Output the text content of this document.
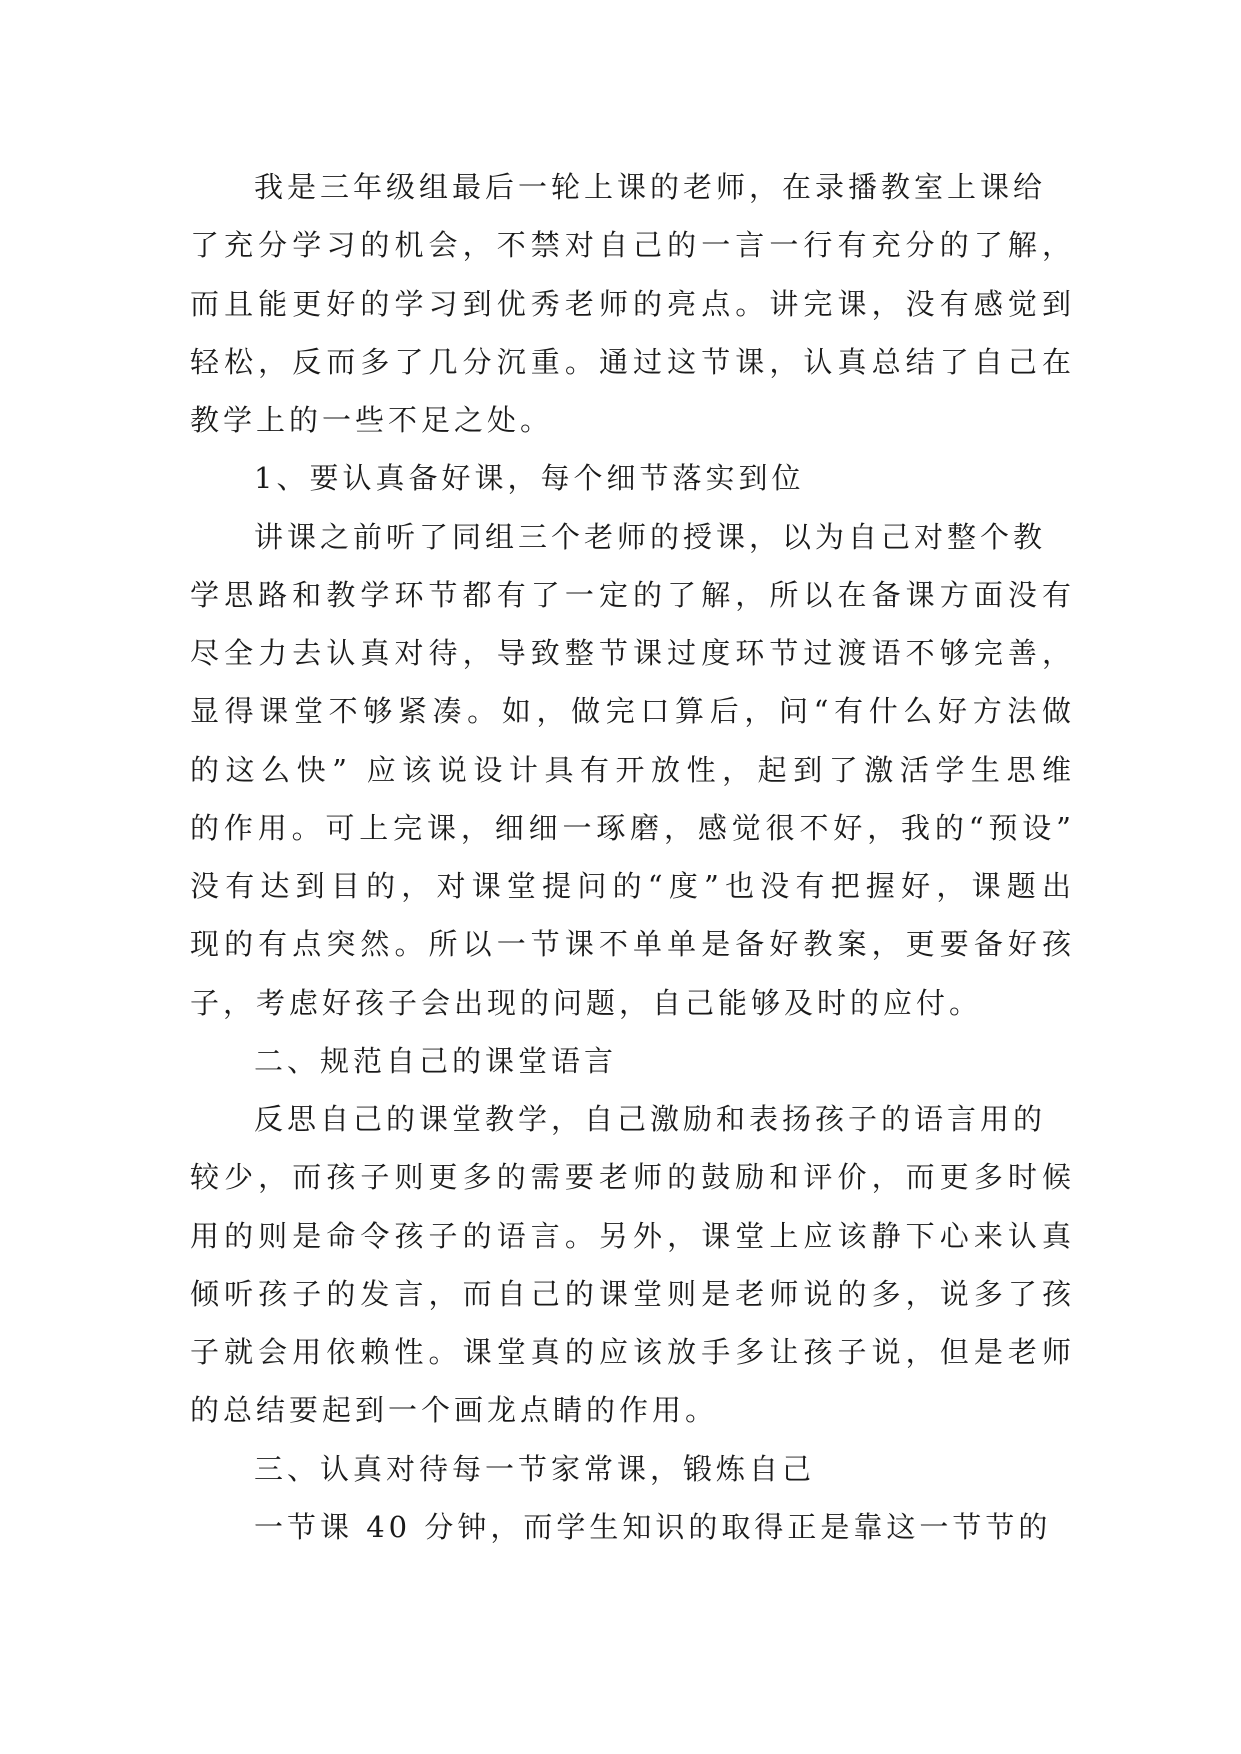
我是三年级组最后一轮上课的老师，在录播教室上课给
了充分学习的机会，不禁对自己的一言一行有充分的了解，
而且能更好的学习到优秀老师的亮点。讲完课，没有感觉到
轻松，反而多了几分沉重。通过这节课，认真总结了自己在
教学上的一些不足之处。
1、要认真备好课，每个细节落实到位
讲课之前听了同组三个老师的授课，以为自己对整个教
学思路和教学环节都有了一定的了解，所以在备课方面没有
尽全力去认真对待，导致整节课过度环节过渡语不够完善，
显得课堂不够紧凑。如，做完口算后，问“有什么好方法做
的这么快” 应该说设计具有开放性，起到了激活学生思维
的作用。可上完课，细细一琢磨，感觉很不好，我的“预设”
没有达到目的，对课堂提问的“度”也没有把握好，课题出
现的有点突然。所以一节课不单单是备好教案，更要备好孩
子，考虑好孩子会出现的问题，自己能够及时的应付。
二、规范自己的课堂语言
反思自己的课堂教学，自己激励和表扬孩子的语言用的
较少，而孩子则更多的需要老师的鼓励和评价，而更多时候
用的则是命令孩子的语言。另外，课堂上应该静下心来认真
倾听孩子的发言，而自己的课堂则是老师说的多，说多了孩
子就会用依赖性。课堂真的应该放手多让孩子说，但是老师
的总结要起到一个画龙点睛的作用。
三、认真对待每一节家常课，锻炼自己
一节课 40 分钟，而学生知识的取得正是靠这一节节的
